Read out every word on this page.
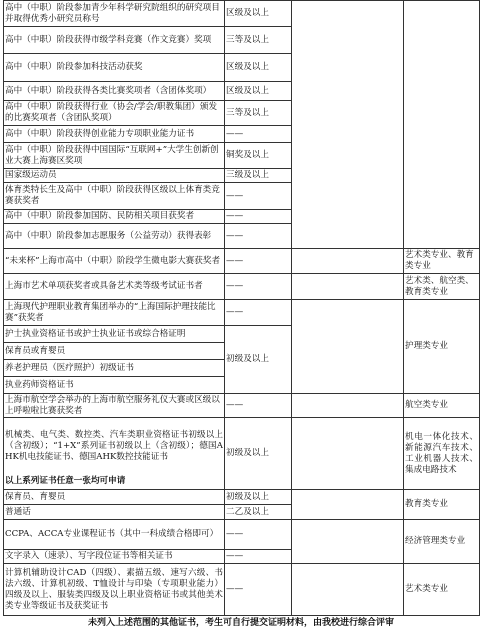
高中（中职）阶段参加青少年科学研究院组织的研究项目并取得优秀小研究员称号	区级及以上		
高中（中职）阶段获得市级学科竞赛（作文竞赛）奖项	三等及以上		
高中（中职）阶段参加科技活动获奖	区级及以上		
高中（中职）阶段获得各类比赛奖项者（含团体奖项）	区级及以上		
高中（中职）阶段获得行业（协会/学会/职教集团）颁发的比赛奖项者（含团队奖项）	三等及以上		
高中（中职）阶段获得创业能力专项职业能力证书	——		
高中（中职）阶段获得中国国际“互联网+”大学生创新创业大赛上海赛区奖项	铜奖及以上		
国家级运动员	三级及以上		
体育类特长生及高中（中职）阶段获得区级以上体育类竞赛获奖者	——		
高中（中职）阶段参加国防、民防相关项目获奖者	——		
高中（中职）阶段参加志愿服务（公益劳动）获得表彰	——		
“未来杯”上海市高中（中职）阶段学生微电影大赛获奖者	——		艺术类专业、教育类专业
上海市艺术单项获奖者或具备艺术类等级考试证书者	——		艺术类、航空类、教育类专业
上海现代护理职业教育集团举办的“上海国际护理技能比赛”获奖者	——		护理类专业
护士执业资格证书或护士执业证书或综合格证明	初级及以上		
保育员或育婴员			
养老护理员（医疗照护）初级证书			
执业药师资格证书			
上海市航空学会举办的上海市航空服务礼仪大赛或区级以上呼啦啦比赛获奖者	——		航空类专业
机械类、电气类、数控类、汽车类职业资格证书初级以上（含初级）；“1+X”系列证书初级以上（含初级）；德国AHK机电技能证书、德国AHK数控技能证书	初级及以上		机电一体化技术、新能源汽车技术、工业机器人技术、集成电路技术
以上系列证书任意一张均可申请			
保育员、育婴员	初级及以上		教育类专业
普通话	二乙及以上		
CCPA、ACCA专业课程证书（其中一科成绩合格即可）	——		经济管理类专业
文字录入（速录）、写字段位证书等相关证书	——		
计算机辅助设计CAD（四级）、素描五级、速写六级、书法六级、计算机初级、T恤设计与印染（专项职业能力）四级及以上、服装类四级及以上职业资格证书或其他美术类专业等级证书及获奖证书	——		艺术类专业
未列入上述范围的其他证书，考生可自行提交证明材料，由我校进行综合评审
